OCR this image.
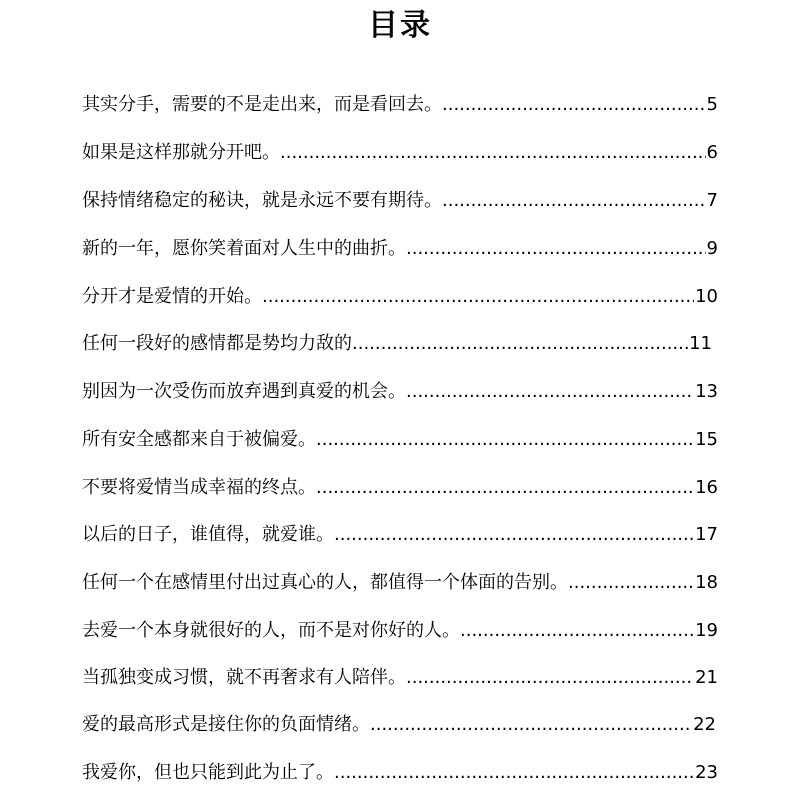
目录
其实分手，需要的不是走出来，而是看回去。 .....	5
如果是这样那就分开吧。 .....	6
保持情绪稳定的秘诀，就是永远不要有期待。 .....	7
新的一年，愿你笑着面对人生中的曲折。 .....	9
分开才是爱情的开始。 .....	10
任何一段好的感情都是势均力敌的 .....	11
别因为一次受伤而放弃遇到真爱的机会。 .....	13
所有安全感都来自于被偏爱。 .....	15
不要将爱情当成幸福的终点。 .....	16
以后的日子，谁值得，就爱谁。 .....	17
任何一个在感情里付出过真心的人，都值得一个体面的告别。 .....	18
去爱一个本身就很好的人，而不是对你好的人。 .....	19
当孤独变成习惯，就不再奢求有人陪伴。 .....	21
爱的最高形式是接住你的负面情绪。 .....	22
我爱你，但也只能到此为止了。 .....	23
